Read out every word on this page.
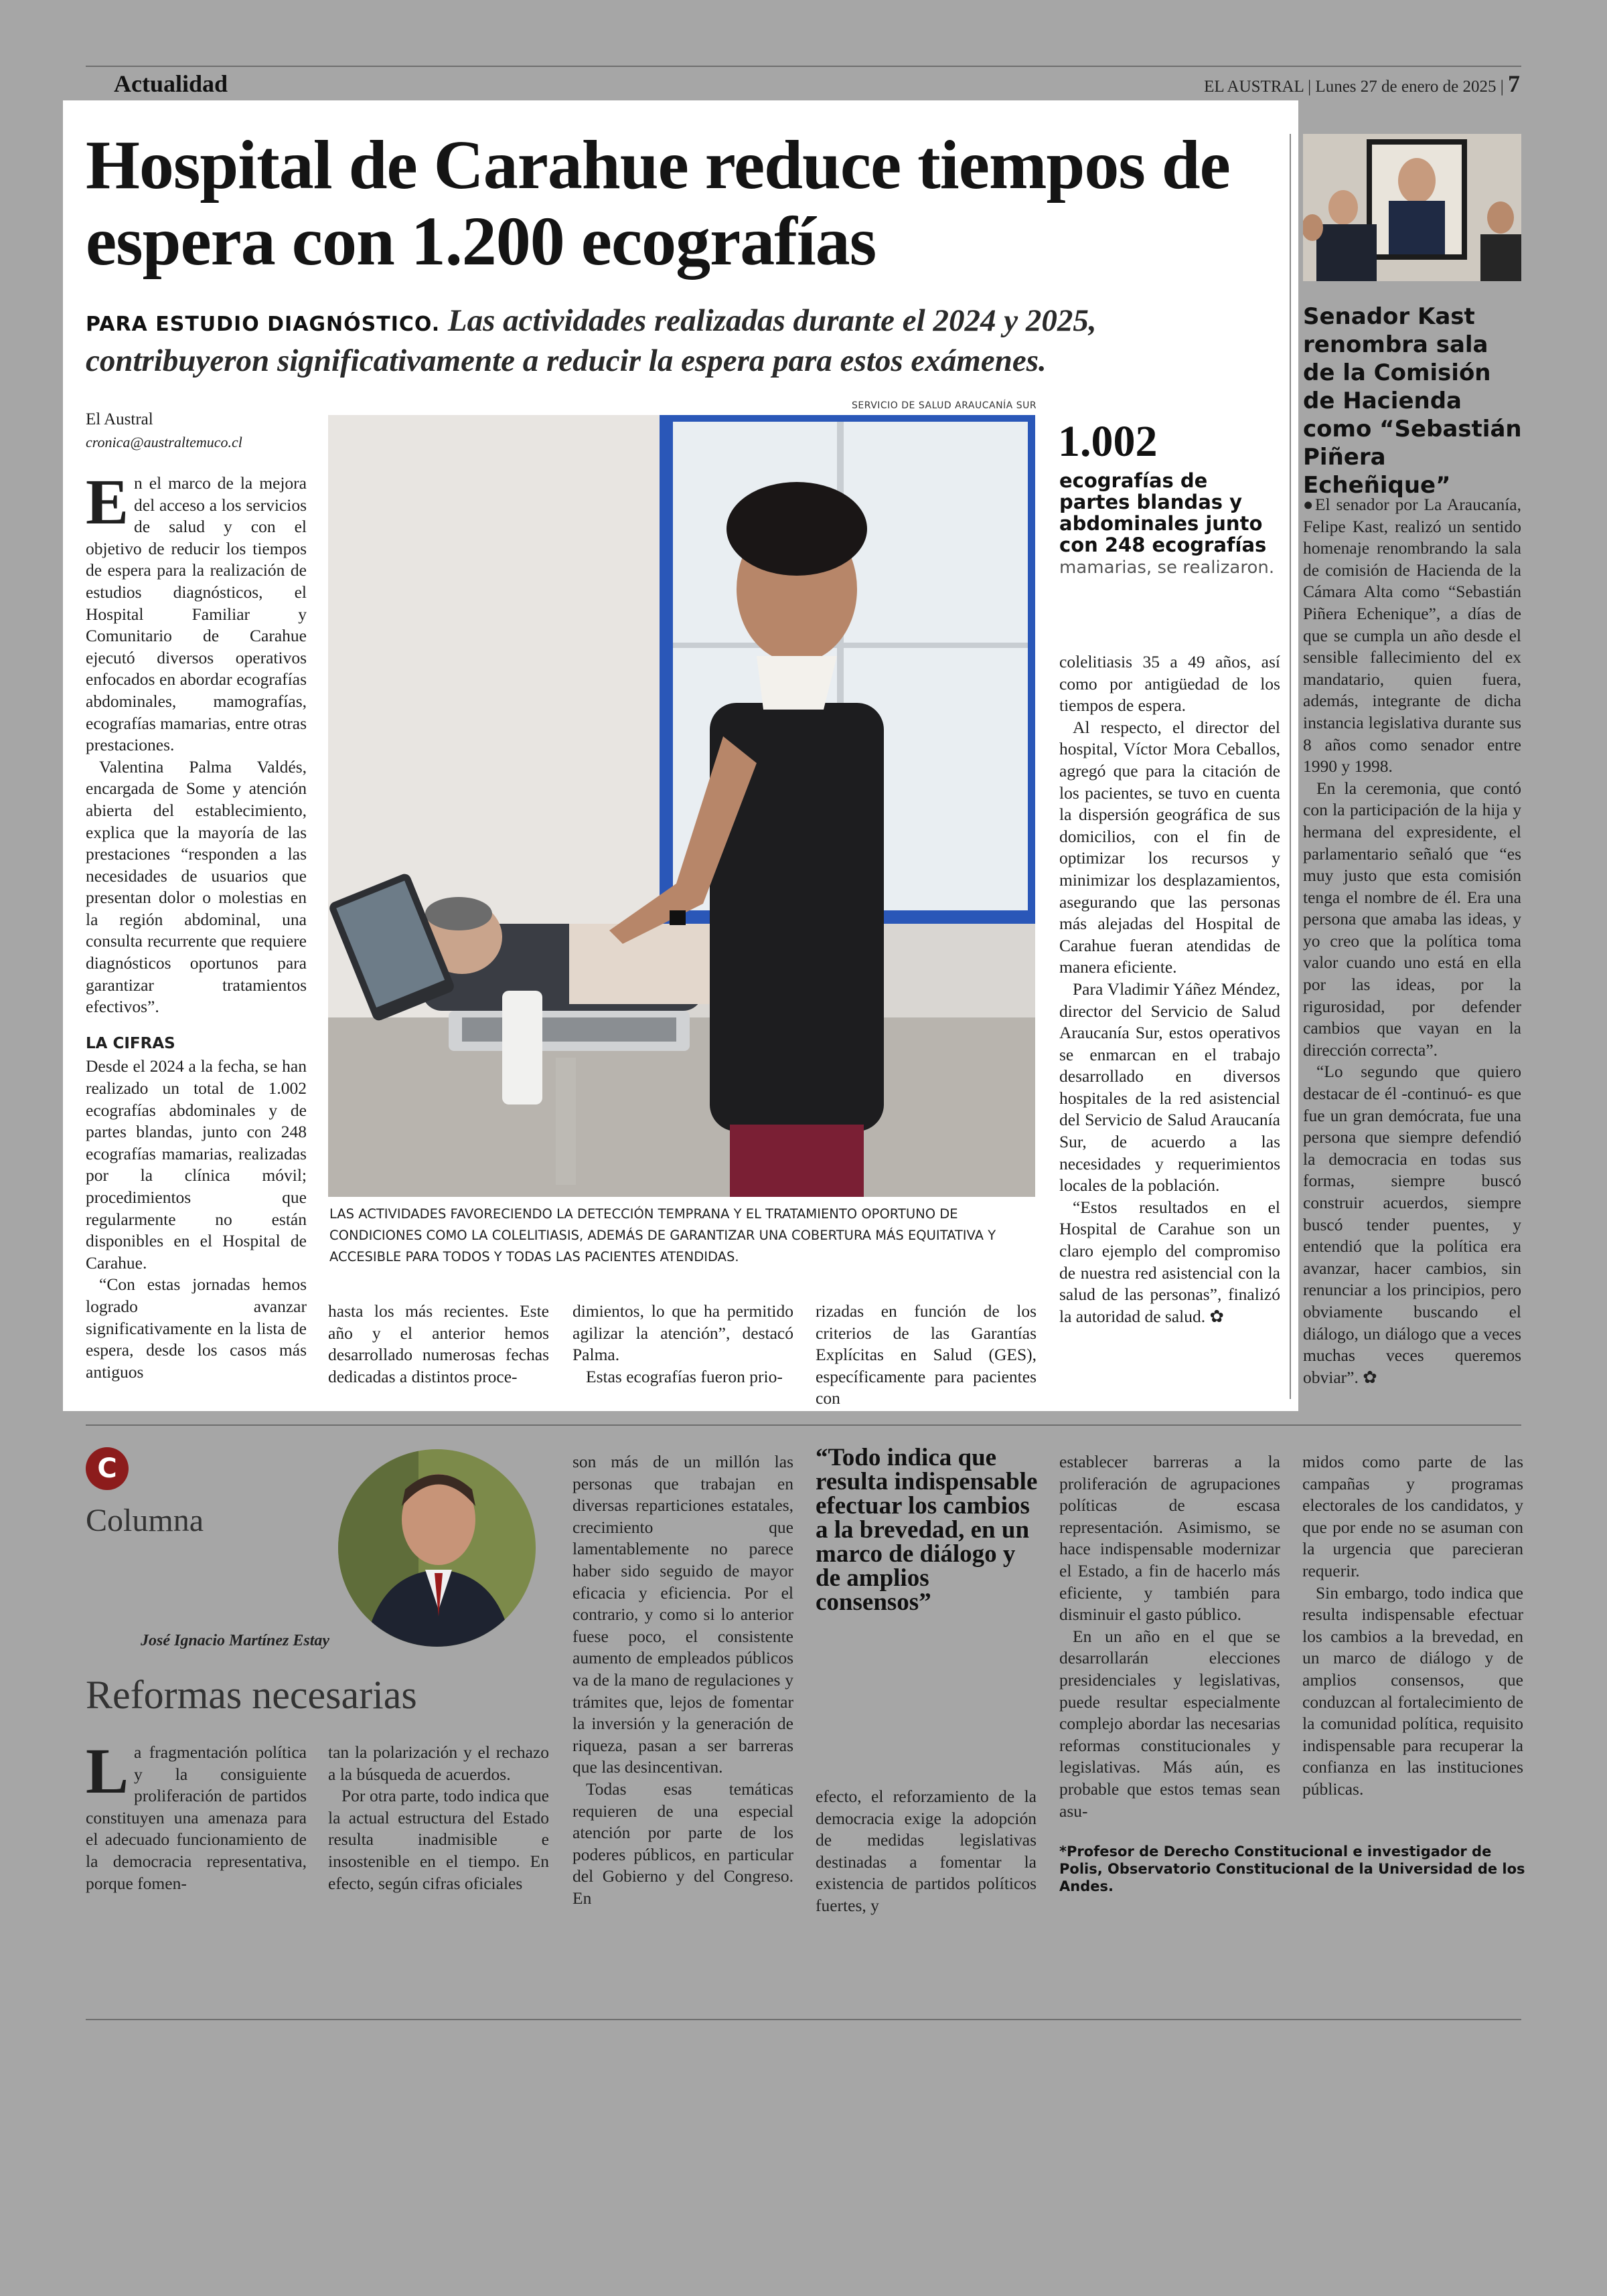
Actualidad	EL AUSTRAL | Lunes 27 de enero de 2025 | 7
Hospital de Carahue reduce tiempos de espera con 1.200 ecografías
PARA ESTUDIO DIAGNÓSTICO. Las actividades realizadas durante el 2024 y 2025, contribuyeron significativamente a reducir la espera para estos exámenes.
El Austral
cronica@australtemuco.cl

En el marco de la mejora del acceso a los servicios de salud y con el objetivo de reducir los tiempos de espera para la realización de estudios diagnósticos, el Hospital Familiar y Comunitario de Carahue ejecutó diversos operativos enfocados en abordar ecografías abdominales, mamografías, ecografías mamarias, entre otras prestaciones.

Valentina Palma Valdés, encargada de Some y atención abierta del establecimiento, explica que la mayoría de las prestaciones “responden a las necesidades de usuarios que presentan dolor o molestias en la región abdominal, una consulta recurrente que requiere diagnósticos oportunos para garantizar tratamientos efectivos”.

LA CIFRAS

Desde el 2024 a la fecha, se han realizado un total de 1.002 ecografías abdominales y de partes blandas, junto con 248 ecografías mamarias, realizadas por la clínica móvil; procedimientos que regularmente no están disponibles en el Hospital de Carahue.

“Con estas jornadas hemos logrado avanzar significativamente en la lista de espera, desde los casos más antiguos

SERVICIO DE SALUD ARAUCANÍA SUR
LAS ACTIVIDADES FAVORECIENDO LA DETECCIÓN TEMPRANA Y EL TRATAMIENTO OPORTUNO DE CONDICIONES COMO LA COLELITIASIS, ADEMÁS DE GARANTIZAR UNA COBERTURA MÁS EQUITATIVA Y ACCESIBLE PARA TODOS Y TODAS LAS PACIENTES ATENDIDAS.

hasta los más recientes. Este año y el anterior hemos desarrollado numerosas fechas dedicadas a distintos proce-

dimientos, lo que ha permitido agilizar la atención”, destacó Palma.

Estas ecografías fueron prio-

rizadas en función de los criterios de las Garantías Explícitas en Salud (GES), específicamente para pacientes con

1.002
ecografías de partes blandas y abdominales junto con 248 ecografías mamarias, se realizaron.

colelitiasis 35 a 49 años, así como por antigüedad de los tiempos de espera.

Al respecto, el director del hospital, Víctor Mora Ceballos, agregó que para la citación de los pacientes, se tuvo en cuenta la dispersión geográfica de sus domicilios, con el fin de optimizar los recursos y minimizar los desplazamientos, asegurando que las personas más alejadas del Hospital de Carahue fueran atendidas de manera eficiente.

Para Vladimir Yáñez Méndez, director del Servicio de Salud Araucanía Sur, estos operativos se enmarcan en el trabajo desarrollado en diversos hospitales de la red asistencial del Servicio de Salud Araucanía Sur, de acuerdo a las necesidades y requerimientos locales de la población.

“Estos resultados en el Hospital de Carahue son un claro ejemplo del compromiso de nuestra red asistencial con la salud de las personas”, finalizó la autoridad de salud. ✿

Senador Kast renombra sala de la Comisión de Hacienda como “Sebastián Piñera Echeñique”

●El senador por La Araucanía, Felipe Kast, realizó un sentido homenaje renombrando la sala de comisión de Hacienda de la Cámara Alta como “Sebastián Piñera Echenique”, a días de que se cumpla un año desde el sensible fallecimiento del ex mandatario, quien fuera, además, integrante de dicha instancia legislativa durante sus 8 años como senador entre 1990 y 1998.

En la ceremonia, que contó con la participación de la hija y hermana del expresidente, el parlamentario señaló que “es muy justo que esta comisión tenga el nombre de él. Era una persona que amaba las ideas, y yo creo que la política toma valor cuando uno está en ella por las ideas, por la rigurosidad, por defender cambios que vayan en la dirección correcta”.

“Lo segundo que quiero destacar de él -continuó- es que fue un gran demócrata, fue una persona que siempre defendió la democracia en todas sus formas, siempre buscó construir acuerdos, siempre buscó tender puentes, y entendió que la política era avanzar, hacer cambios, sin renunciar a los principios, pero obviamente buscando el diálogo, un diálogo que a veces muchas veces queremos obviar”. ✿

C
Columna
José Ignacio Martínez Estay
Reformas necesarias

La fragmentación política y la consiguiente proliferación de partidos constituyen una amenaza para el adecuado funcionamiento de la democracia representativa, porque fomen-

tan la polarización y el rechazo a la búsqueda de acuerdos.

Por otra parte, todo indica que la actual estructura del Estado resulta inadmisible e insostenible en el tiempo. En efecto, según cifras oficiales

son más de un millón las personas que trabajan en diversas reparticiones estatales, crecimiento que lamentablemente no parece haber sido seguido de mayor eficacia y eficiencia. Por el contrario, y como si lo anterior fuese poco, el consistente aumento de empleados públicos va de la mano de regulaciones y trámites que, lejos de fomentar la inversión y la generación de riqueza, pasan a ser barreras que las desincentivan.

Todas esas temáticas requieren de una especial atención por parte de los poderes públicos, en particular del Gobierno y del Congreso. En

“Todo indica que resulta indispensable efectuar los cambios a la brevedad, en un marco de diálogo y de amplios consensos”

efecto, el reforzamiento de la democracia exige la adopción de medidas legislativas destinadas a fomentar la existencia de partidos políticos fuertes, y

establecer barreras a la proliferación de agrupaciones políticas de escasa representación. Asimismo, se hace indispensable modernizar el Estado, a fin de hacerlo más eficiente, y también para disminuir el gasto público.

En un año en el que se desarrollarán elecciones presidenciales y legislativas, puede resultar especialmente complejo abordar las necesarias reformas constitucionales y legislativas. Más aún, es probable que estos temas sean asu-

midos como parte de las campañas y programas electorales de los candidatos, y que por ende no se asuman con la urgencia que parecieran requerir.

Sin embargo, todo indica que resulta indispensable efectuar los cambios a la brevedad, en un marco de diálogo y de amplios consensos, que conduzcan al fortalecimiento de la comunidad política, requisito indispensable para recuperar la confianza en las instituciones públicas.

*Profesor de Derecho Constitucional e investigador de Polis, Observatorio Constitucional de la Universidad de los Andes.
